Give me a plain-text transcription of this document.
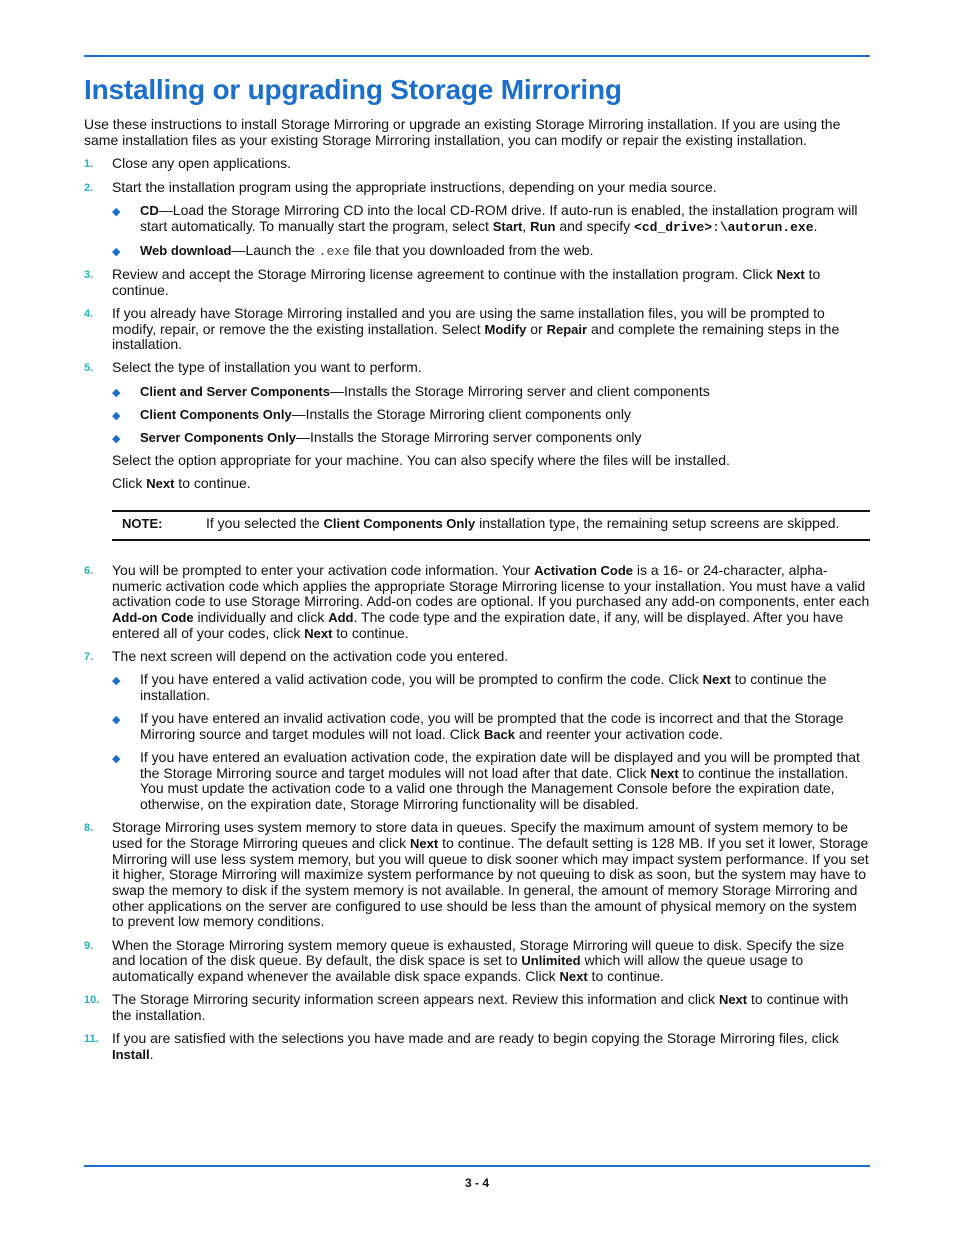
Installing or upgrading Storage Mirroring

Use these instructions to install Storage Mirroring or upgrade an existing Storage Mirroring installation. If you are using the same installation files as your existing Storage Mirroring installation, you can modify or repair the existing installation.

1. Close any open applications.
2. Start the installation program using the appropriate instructions, depending on your media source.
◆ CD—Load the Storage Mirroring CD into the local CD-ROM drive. If auto-run is enabled, the installation program will start automatically. To manually start the program, select Start, Run and specify <cd_drive>:\autorun.exe.
◆ Web download—Launch the .exe file that you downloaded from the web.
3. Review and accept the Storage Mirroring license agreement to continue with the installation program. Click Next to continue.
4. If you already have Storage Mirroring installed and you are using the same installation files, you will be prompted to modify, repair, or remove the the existing installation. Select Modify or Repair and complete the remaining steps in the installation.
5. Select the type of installation you want to perform.
◆ Client and Server Components—Installs the Storage Mirroring server and client components
◆ Client Components Only—Installs the Storage Mirroring client components only
◆ Server Components Only—Installs the Storage Mirroring server components only

Select the option appropriate for your machine. You can also specify where the files will be installed.

Click Next to continue.

NOTE:	If you selected the Client Components Only installation type, the remaining setup screens are skipped.
6. You will be prompted to enter your activation code information. Your Activation Code is a 16- or 24-character, alpha-numeric activation code which applies the appropriate Storage Mirroring license to your installation. You must have a valid activation code to use Storage Mirroring. Add-on codes are optional. If you purchased any add-on components, enter each Add-on Code individually and click Add. The code type and the expiration date, if any, will be displayed. After you have entered all of your codes, click Next to continue.
7. The next screen will depend on the activation code you entered.
◆ If you have entered a valid activation code, you will be prompted to confirm the code. Click Next to continue the installation.
◆ If you have entered an invalid activation code, you will be prompted that the code is incorrect and that the Storage Mirroring source and target modules will not load. Click Back and reenter your activation code.
◆ If you have entered an evaluation activation code, the expiration date will be displayed and you will be prompted that the Storage Mirroring source and target modules will not load after that date. Click Next to continue the installation. You must update the activation code to a valid one through the Management Console before the expiration date, otherwise, on the expiration date, Storage Mirroring functionality will be disabled.
8. Storage Mirroring uses system memory to store data in queues. Specify the maximum amount of system memory to be used for the Storage Mirroring queues and click Next to continue. The default setting is 128 MB. If you set it lower, Storage Mirroring will use less system memory, but you will queue to disk sooner which may impact system performance. If you set it higher, Storage Mirroring will maximize system performance by not queuing to disk as soon, but the system may have to swap the memory to disk if the system memory is not available. In general, the amount of memory Storage Mirroring and other applications on the server are configured to use should be less than the amount of physical memory on the system to prevent low memory conditions.
9. When the Storage Mirroring system memory queue is exhausted, Storage Mirroring will queue to disk. Specify the size and location of the disk queue. By default, the disk space is set to Unlimited which will allow the queue usage to automatically expand whenever the available disk space expands. Click Next to continue.
10. The Storage Mirroring security information screen appears next. Review this information and click Next to continue with the installation.
11. If you are satisfied with the selections you have made and are ready to begin copying the Storage Mirroring files, click Install.
3 - 4
